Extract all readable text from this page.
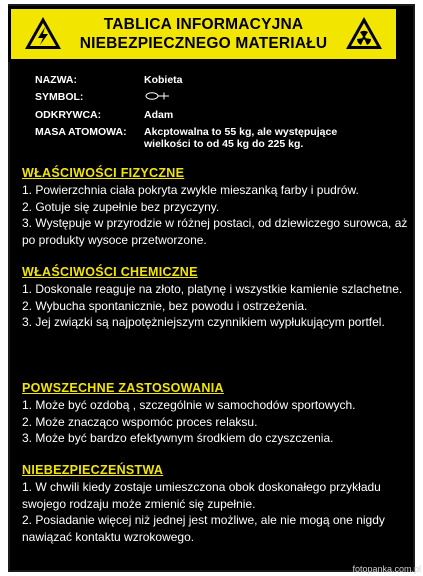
TABLICA INFORMACYJNA
NIEBEZPIECZNEGO MATERIAŁU
NAZWA:	Kobieta
SYMBOL:	
ODKRYWCA:	Adam
MASA ATOMOWA:	Akcptowalna to 55 kg, ale występujące wielkości to od 45 kg do 225 kg.
WŁAŚCIWOŚCI FIZYCZNE
1. Powierzchnia ciała pokryta zwykle mieszanką farby i pudrów.
2. Gotuje się zupełnie bez przyczyny.
3. Występuje w przyrodzie w różnej postaci, od dziewiczego surowca, aż po produkty wysoce przetworzone.
WŁAŚCIWOŚCI CHEMICZNE
1. Doskonale reaguje na złoto, platynę i wszystkie kamienie szlachetne.
2. Wybucha spontanicznie, bez powodu i ostrzeżenia.
3. Jej związki są najpotężniejszym czynnikiem wypłukującym portfel.
POWSZECHNE ZASTOSOWANIA
1. Może być ozdobą , szczególnie w samochodów sportowych.
2. Może znacząco wspomóc proces relaksu.
3. Może być bardzo efektywnym środkiem do czyszczenia.
NIEBEZPIECZEŃSTWA
1. W chwili kiedy zostaje umieszczona obok doskonałego przykładu swojego rodzaju może zmienić się zupełnie.
2. Posiadanie więcej niż jednej jest możliwe, ale nie mogą one nigdy nawiązać kontaktu wzrokowego.
fotopanka.com.pl
